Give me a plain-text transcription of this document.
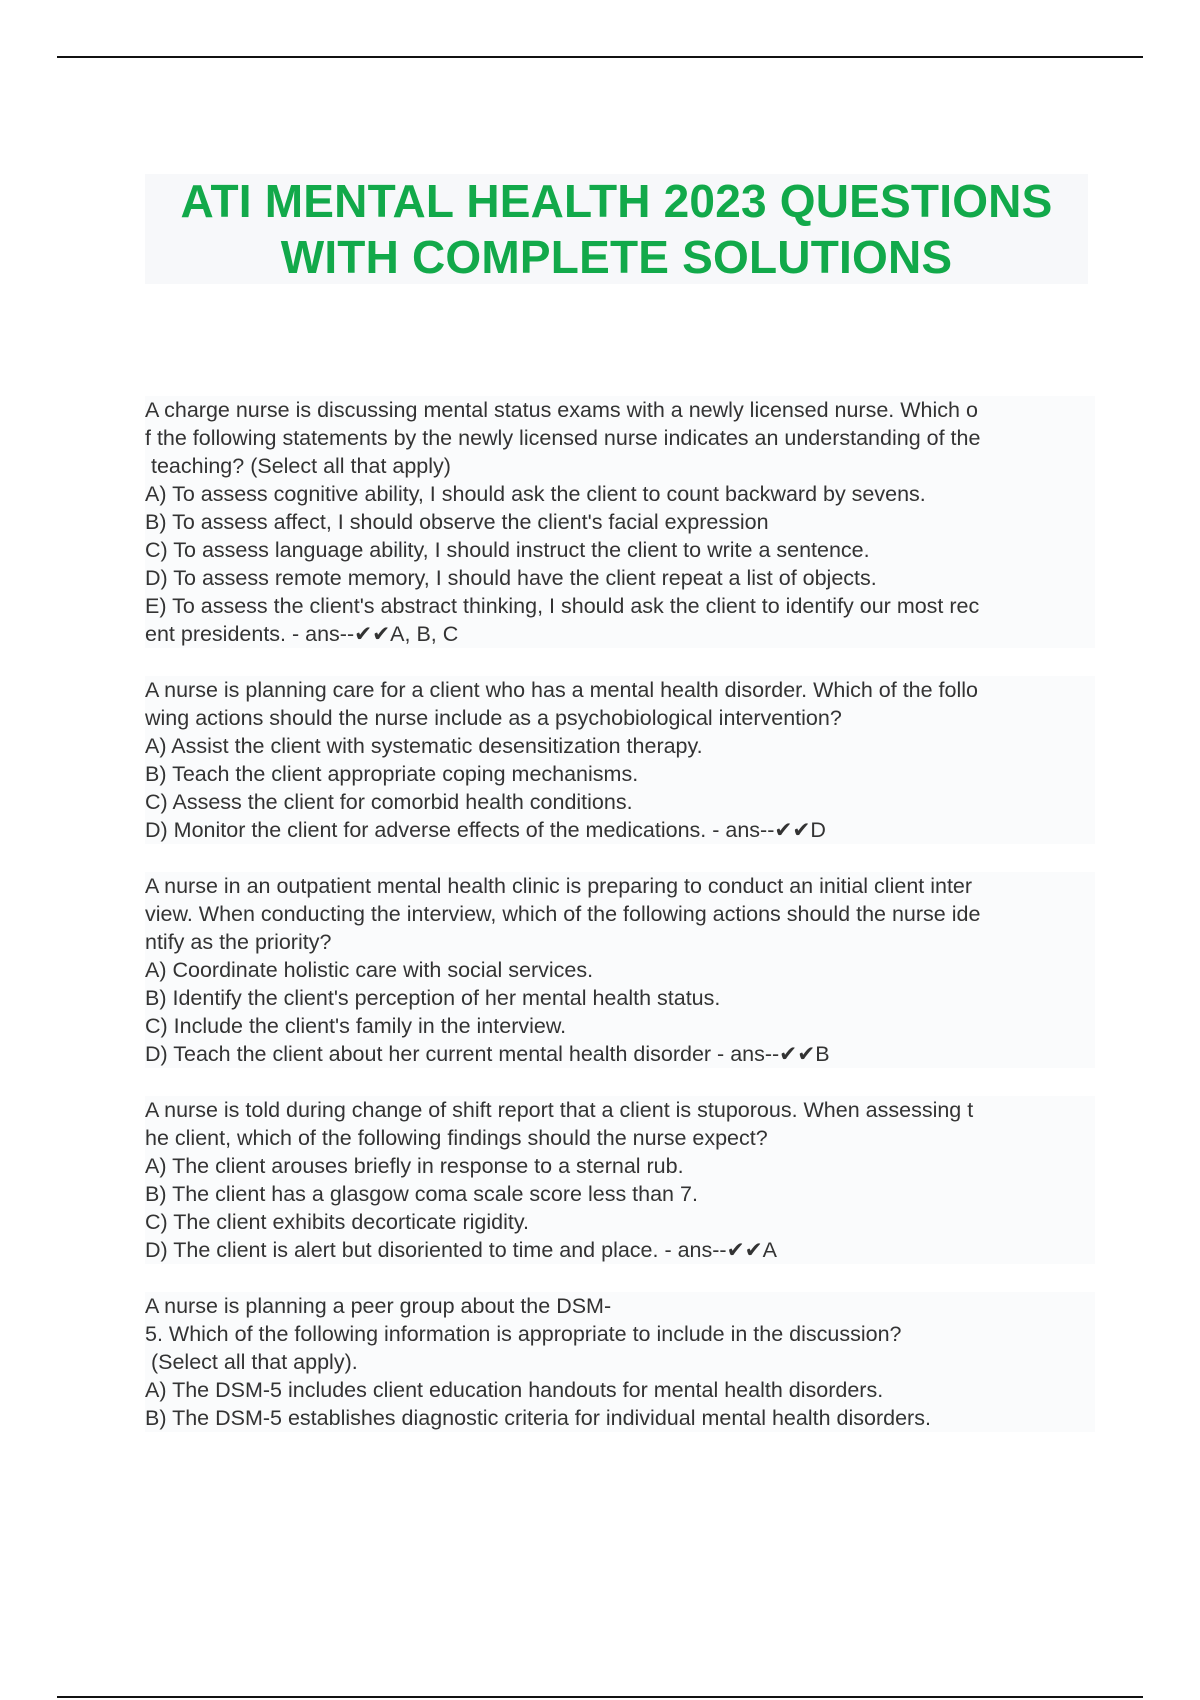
ATI MENTAL HEALTH 2023 QUESTIONS
WITH COMPLETE SOLUTIONS
A charge nurse is discussing mental status exams with a newly licensed nurse. Which o
f the following statements by the newly licensed nurse indicates an understanding of the
teaching? (Select all that apply)
A) To assess cognitive ability, I should ask the client to count backward by sevens.
B) To assess affect, I should observe the client's facial expression
C) To assess language ability, I should instruct the client to write a sentence.
D) To assess remote memory, I should have the client repeat a list of objects.
E) To assess the client's abstract thinking, I should ask the client to identify our most rec
ent presidents. - ans--✔✔A, B, C
A nurse is planning care for a client who has a mental health disorder. Which of the follo
wing actions should the nurse include as a psychobiological intervention?
A) Assist the client with systematic desensitization therapy.
B) Teach the client appropriate coping mechanisms.
C) Assess the client for comorbid health conditions.
D) Monitor the client for adverse effects of the medications. - ans--✔✔D
A nurse in an outpatient mental health clinic is preparing to conduct an initial client inter
view. When conducting the interview, which of the following actions should the nurse ide
ntify as the priority?
A) Coordinate holistic care with social services.
B) Identify the client's perception of her mental health status.
C) Include the client's family in the interview.
D) Teach the client about her current mental health disorder - ans--✔✔B
A nurse is told during change of shift report that a client is stuporous. When assessing t
he client, which of the following findings should the nurse expect?
A) The client arouses briefly in response to a sternal rub.
B) The client has a glasgow coma scale score less than 7.
C) The client exhibits decorticate rigidity.
D) The client is alert but disoriented to time and place. - ans--✔✔A
A nurse is planning a peer group about the DSM-
5. Which of the following information is appropriate to include in the discussion?
(Select all that apply).
A) The DSM-5 includes client education handouts for mental health disorders.
B) The DSM-5 establishes diagnostic criteria for individual mental health disorders.
